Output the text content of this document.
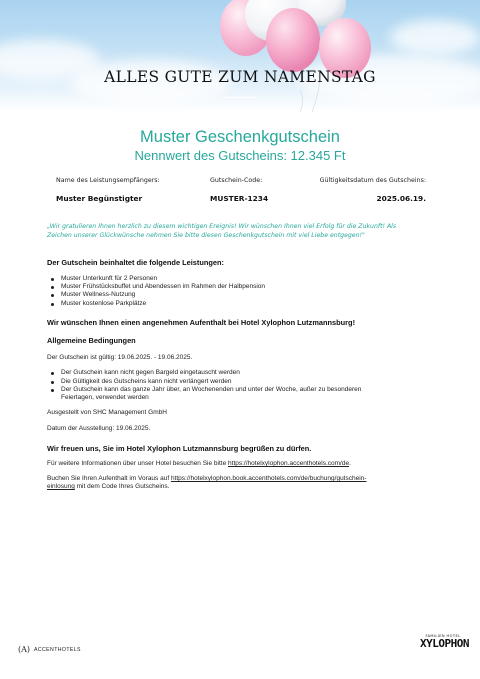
ALLES GUTE ZUM NAMENSTAG
Muster Geschenkgutschein
Nennwert des Gutscheins: 12.345 Ft
Name des Leistungsempfängers:	Gutschein-Code:	Gültigkeitsdatum des Gutscheins:
Muster Begünstigter	MUSTER-1234	2025.06.19.
„Wir gratulieren Ihnen herzlich zu diesem wichtigen Ereignis! Wir wünschen Ihnen viel Erfolg für die Zukunft! Als
Zeichen unserer Glückwünsche nehmen Sie bitte diesen Geschenkgutschein mit viel Liebe entgegen!"
Der Gutschein beinhaltet die folgende Leistungen:
Muster Unterkunft für 2 Personen
Muster Frühstücksbuffet und Abendessen im Rahmen der Halbpension
Muster Wellness-Nutzung
Muster kostenlose Parkplätze
Wir wünschen Ihnen einen angenehmen Aufenthalt bei Hotel Xylophon Lutzmannsburg!
Allgemeine Bedingungen
Der Gutschein ist gültig: 19.06.2025. - 19.06.2025.
Der Gutschein kann nicht gegen Bargeld eingetauscht werden
Die Gültigkeit des Gutscheins kann nicht verlängert werden
Der Gutschein kann das ganze Jahr über, an Wochenenden und unter der Woche, außer zu besonderen
Feiertagen, verwendet werden
Ausgestellt von SHC Management GmbH
Datum der Ausstellung: 19.06.2025.
Wir freuen uns, Sie im Hotel Xylophon Lutzmannsburg begrüßen zu dürfen.
Für weitere Informationen über unser Hotel besuchen Sie bitte https://hotelxylophon.accenthotels.com/de.
Buchen Sie Ihren Aufenthalt im Voraus auf https://hotelxylophon.book.accenthotels.com/de/buchung/gutschein-
einlosung mit dem Code Ihres Gutscheins.
(A) ACCENTHOTELS
FAMILIEN HOTEL
XYLOPHON
